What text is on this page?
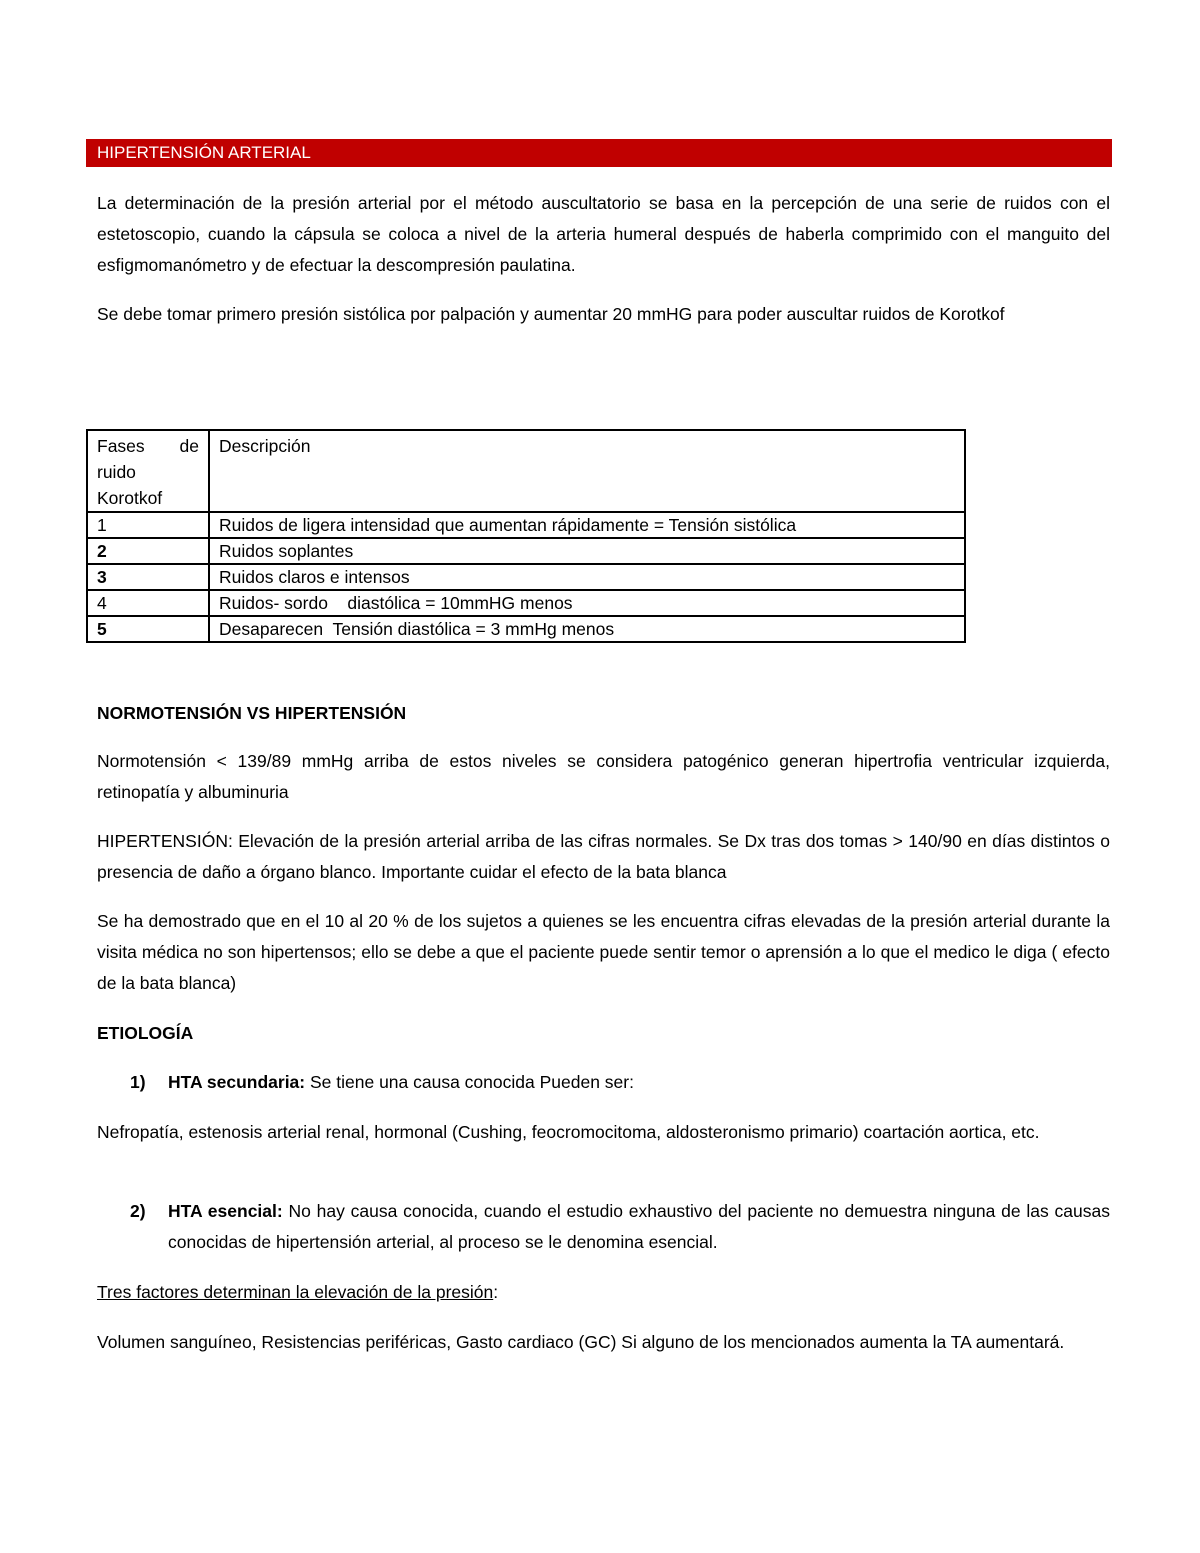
HIPERTENSIÓN ARTERIAL
La determinación de la presión arterial por el método auscultatorio se basa en la percepción de una serie de ruidos con el estetoscopio, cuando la cápsula se coloca a nivel de la arteria humeral después de haberla comprimido con el manguito del esfigmomanómetro y de efectuar la descompresión paulatina.
Se debe tomar primero presión sistólica por palpación y aumentar 20 mmHG para poder auscultar ruidos de Korotkof
Fases de
ruido
Korotkof	Descripción
1	Ruidos de ligera intensidad que aumentan rápidamente = Tensión sistólica
2	Ruidos soplantes
3	Ruidos claros e intensos
4	Ruidos- sordo    diastólica = 10mmHG menos
5	Desaparecen  Tensión diastólica = 3 mmHg menos
NORMOTENSIÓN VS HIPERTENSIÓN
Normotensión < 139/89 mmHg arriba de estos niveles se considera patogénico generan hipertrofia ventricular izquierda, retinopatía y albuminuria
HIPERTENSIÓN: Elevación de la presión arterial arriba de las cifras normales. Se Dx tras dos tomas > 140/90 en días distintos o presencia de daño a órgano blanco. Importante cuidar el efecto de la bata blanca
Se ha demostrado que en el 10 al 20 % de los sujetos a quienes se les encuentra cifras elevadas de la presión arterial durante la visita médica no son hipertensos; ello se debe a que el paciente puede sentir temor o aprensión a lo que el medico le diga ( efecto de la bata blanca)
ETIOLOGÍA
1) HTA secundaria: Se tiene una causa conocida Pueden ser:
Nefropatía, estenosis arterial renal, hormonal (Cushing, feocromocitoma, aldosteronismo primario) coartación aortica, etc.
2) HTA esencial: No hay causa conocida, cuando el estudio exhaustivo del paciente no demuestra ninguna de las causas conocidas de hipertensión arterial, al proceso se le denomina esencial.
Tres factores determinan la elevación de la presión:
Volumen sanguíneo, Resistencias periféricas, Gasto cardiaco (GC) Si alguno de los mencionados aumenta la TA aumentará.
